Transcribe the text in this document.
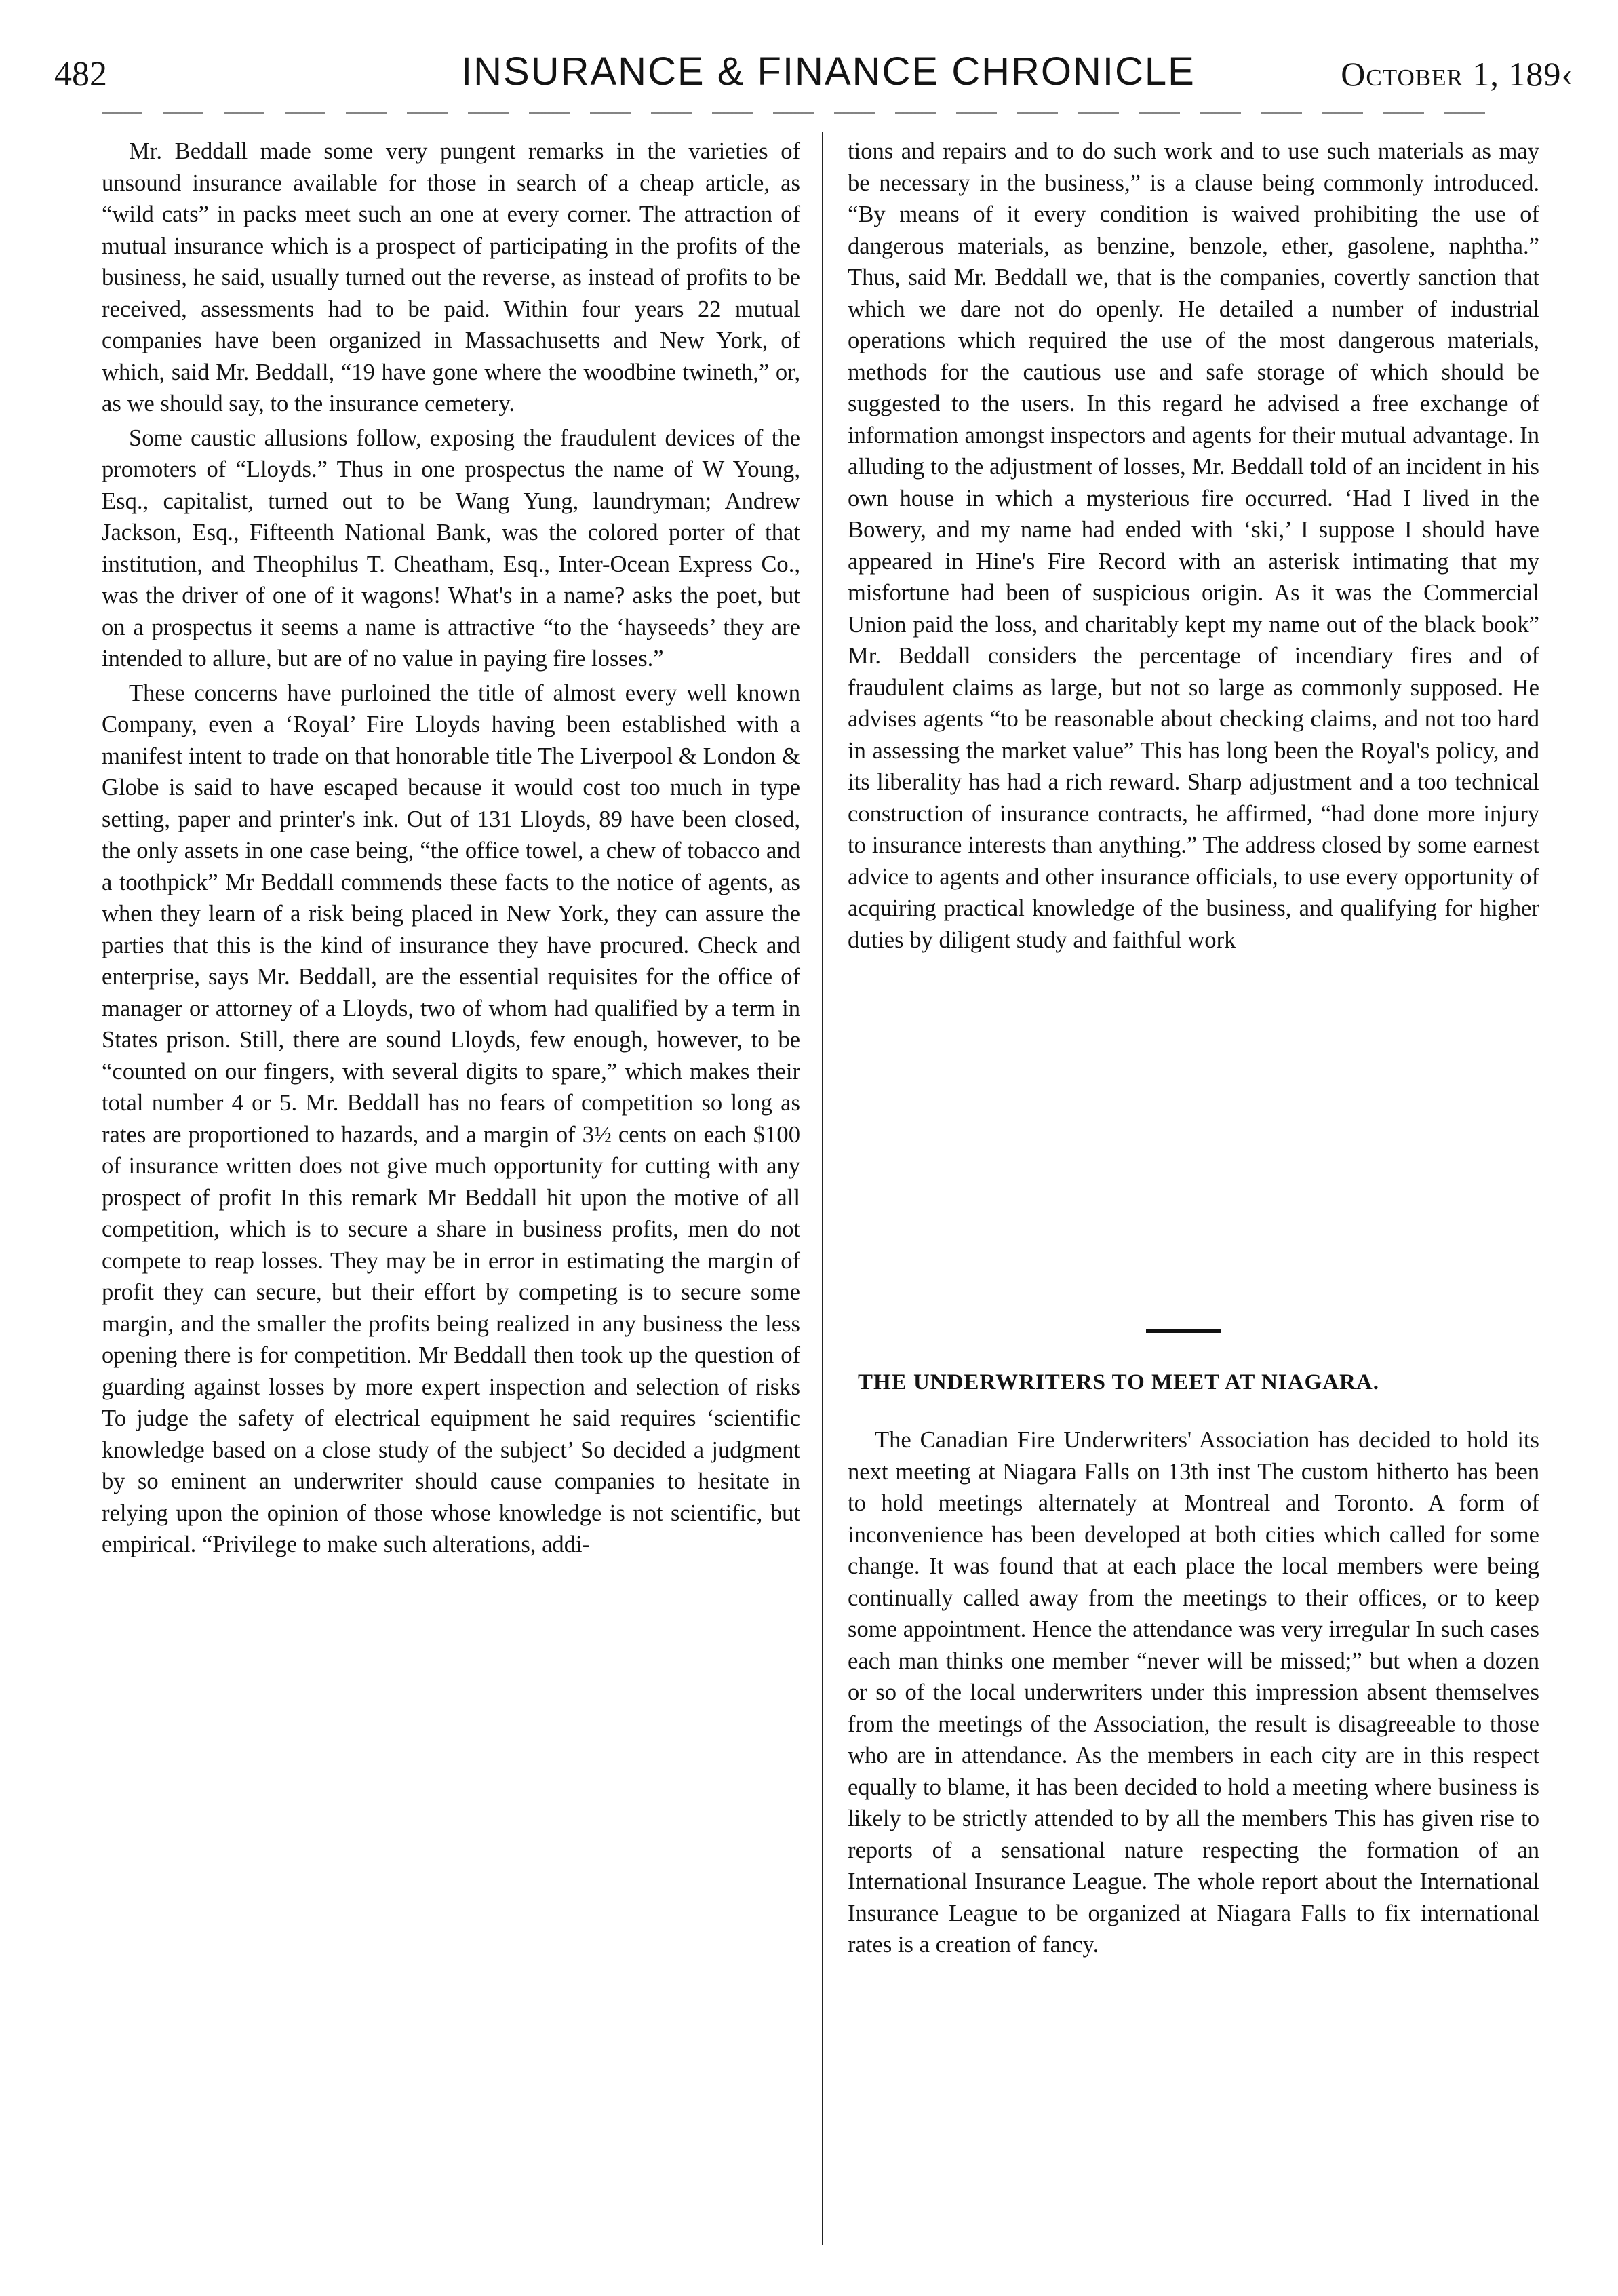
482	INSURANCE & FINANCE CHRONICLE	October 1, 189‹

Mr. Beddall made some very pungent remarks in the varieties of unsound insurance available for those in search of a cheap article, as “wild cats” in packs meet such an one at every corner. The attraction of mutual insurance which is a prospect of participating in the profits of the business, he said, usually turned out the reverse, as instead of profits to be received, assessments had to be paid. Within four years 22 mutual companies have been organized in Massachusetts and New York, of which, said Mr. Beddall, “19 have gone where the woodbine twineth,” or, as we should say, to the insurance cemetery.

Some caustic allusions follow, exposing the fraudulent devices of the promoters of “Lloyds.” Thus in one prospectus the name of W Young, Esq., capitalist, turned out to be Wang Yung, laundryman; Andrew Jackson, Esq., Fifteenth National Bank, was the colored porter of that institution, and Theophilus T. Cheatham, Esq., Inter-Ocean Express Co., was the driver of one of it wagons! What's in a name? asks the poet, but on a prospectus it seems a name is attractive “to the ‘hayseeds’ they are intended to allure, but are of no value in paying fire losses.”

These concerns have purloined the title of almost every well known Company, even a ‘Royal’ Fire Lloyds having been established with a manifest intent to trade on that honorable title The Liverpool & London & Globe is said to have escaped because it would cost too much in type setting, paper and printer's ink. Out of 131 Lloyds, 89 have been closed, the only assets in one case being, “the office towel, a chew of tobacco and a toothpick” Mr Beddall commends these facts to the notice of agents, as when they learn of a risk being placed in New York, they can assure the parties that this is the kind of insurance they have procured. Check and enterprise, says Mr. Beddall, are the essential requisites for the office of manager or attorney of a Lloyds, two of whom had qualified by a term in States prison. Still, there are sound Lloyds, few enough, however, to be “counted on our fingers, with several digits to spare,” which makes their total number 4 or 5. Mr. Beddall has no fears of competition so long as rates are proportioned to hazards, and a margin of 3½ cents on each $100 of insurance written does not give much opportunity for cutting with any prospect of profit In this remark Mr Beddall hit upon the motive of all competition, which is to secure a share in business profits, men do not compete to reap losses. They may be in error in estimating the margin of profit they can secure, but their effort by competing is to secure some margin, and the smaller the profits being realized in any business the less opening there is for competition. Mr Beddall then took up the question of guarding against losses by more expert inspection and selection of risks To judge the safety of electrical equipment he said requires ‘scientific knowledge based on a close study of the subject’ So decided a judgment by so eminent an underwriter should cause companies to hesitate in relying upon the opinion of those whose knowledge is not scientific, but empirical. “Privilege to make such alterations, addi-

tions and repairs and to do such work and to use such materials as may be necessary in the business,” is a clause being commonly introduced. “By means of it every condition is waived prohibiting the use of dangerous materials, as benzine, benzole, ether, gasolene, naphtha.” Thus, said Mr. Beddall we, that is the companies, covertly sanction that which we dare not do openly. He detailed a number of industrial operations which required the use of the most dangerous materials, methods for the cautious use and safe storage of which should be suggested to the users. In this regard he advised a free exchange of information amongst inspectors and agents for their mutual advantage. In alluding to the adjustment of losses, Mr. Beddall told of an incident in his own house in which a mysterious fire occurred. ‘Had I lived in the Bowery, and my name had ended with ‘ski,’ I suppose I should have appeared in Hine's Fire Record with an asterisk intimating that my misfortune had been of suspicious origin. As it was the Commercial Union paid the loss, and charitably kept my name out of the black book” Mr. Beddall considers the percentage of incendiary fires and of fraudulent claims as large, but not so large as commonly supposed. He advises agents “to be reasonable about checking claims, and not too hard in assessing the market value” This has long been the Royal's policy, and its liberality has had a rich reward. Sharp adjustment and a too technical construction of insurance contracts, he affirmed, “had done more injury to insurance interests than anything.” The address closed by some earnest advice to agents and other insurance officials, to use every opportunity of acquiring practical knowledge of the business, and qualifying for higher duties by diligent study and faithful work

THE UNDERWRITERS TO MEET AT NIAGARA.

The Canadian Fire Underwriters' Association has decided to hold its next meeting at Niagara Falls on 13th inst The custom hitherto has been to hold meetings alternately at Montreal and Toronto. A form of inconvenience has been developed at both cities which called for some change. It was found that at each place the local members were being continually called away from the meetings to their offices, or to keep some appointment. Hence the attendance was very irregular In such cases each man thinks one member “never will be missed;” but when a dozen or so of the local underwriters under this impression absent themselves from the meetings of the Association, the result is disagreeable to those who are in attendance. As the members in each city are in this respect equally to blame, it has been decided to hold a meeting where business is likely to be strictly attended to by all the members This has given rise to reports of a sensational nature respecting the formation of an International Insurance League. The whole report about the International Insurance League to be organized at Niagara Falls to fix international rates is a creation of fancy.
